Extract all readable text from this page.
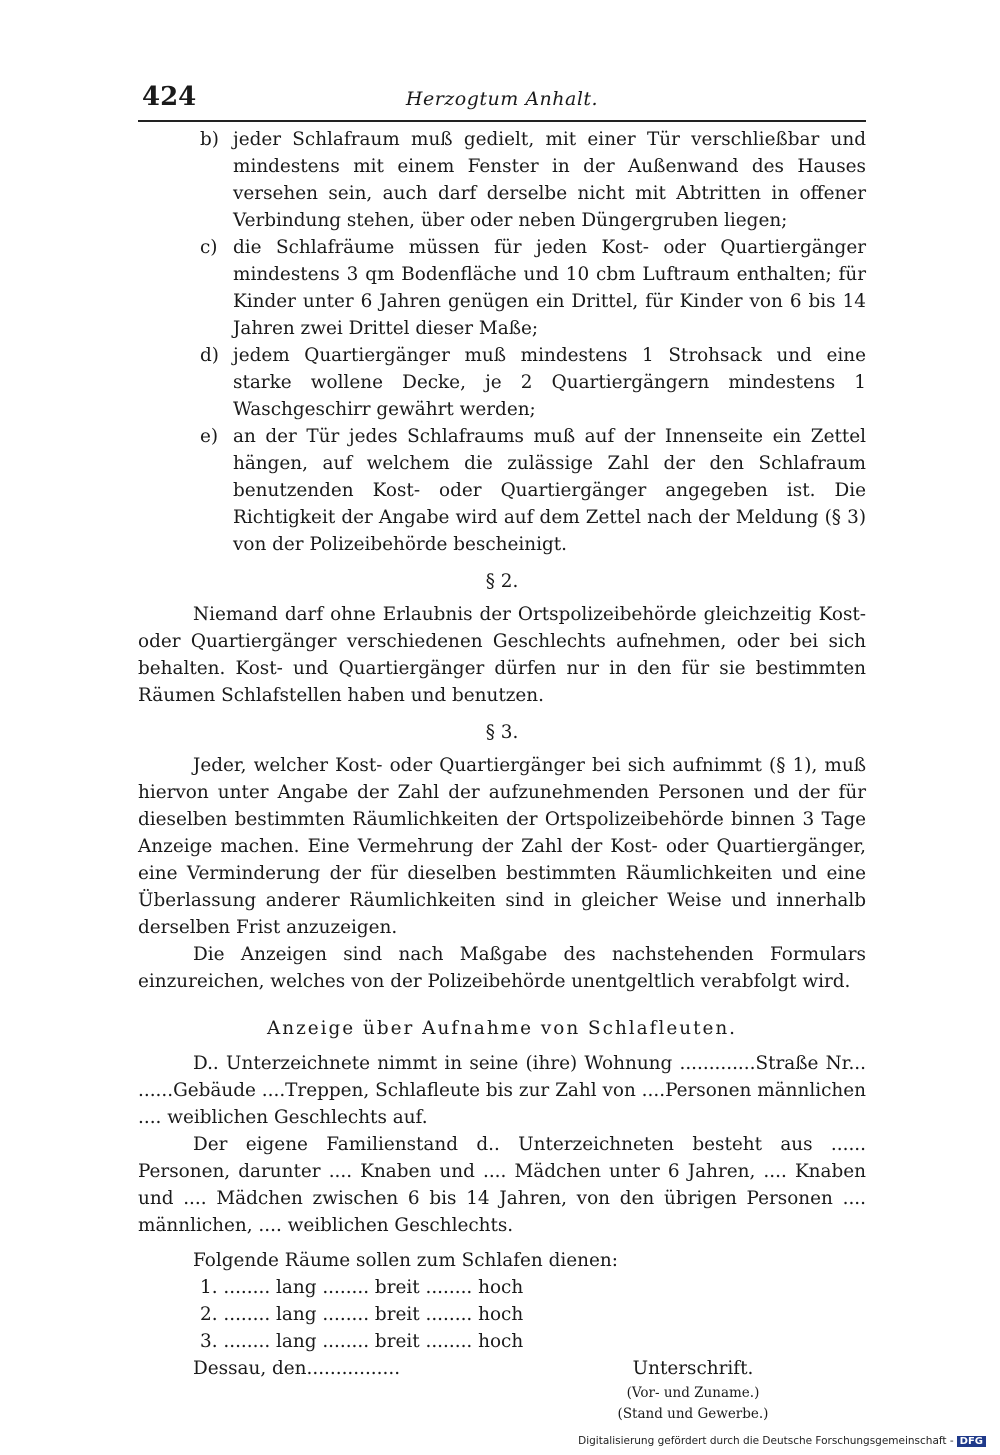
424	Herzogtum Anhalt.
b) jeder Schlafraum muß gedielt, mit einer Tür verschließbar und mindestens mit einem Fenster in der Außenwand des Hauses versehen sein, auch darf derselbe nicht mit Abtritten in offener Verbindung stehen, über oder neben Düngergruben liegen;
c) die Schlafräume müssen für jeden Kost- oder Quartiergänger mindestens 3 qm Bodenfläche und 10 cbm Luftraum enthalten; für Kinder unter 6 Jahren genügen ein Drittel, für Kinder von 6 bis 14 Jahren zwei Drittel dieser Maße;
d) jedem Quartiergänger muß mindestens 1 Strohsack und eine starke wollene Decke, je 2 Quartiergängern mindestens 1 Waschgeschirr gewährt werden;
e) an der Tür jedes Schlafraums muß auf der Innenseite ein Zettel hängen, auf welchem die zulässige Zahl der den Schlafraum benutzenden Kost- oder Quartiergänger angegeben ist. Die Richtigkeit der Angabe wird auf dem Zettel nach der Meldung (§ 3) von der Polizeibehörde bescheinigt.
§ 2.

Niemand darf ohne Erlaubnis der Ortspolizeibehörde gleichzeitig Kost- oder Quartiergänger verschiedenen Geschlechts aufnehmen, oder bei sich behalten. Kost- und Quartiergänger dürfen nur in den für sie bestimmten Räumen Schlafstellen haben und benutzen.

§ 3.

Jeder, welcher Kost- oder Quartiergänger bei sich aufnimmt (§ 1), muß hiervon unter Angabe der Zahl der aufzunehmenden Personen und der für dieselben bestimmten Räumlichkeiten der Ortspolizeibehörde binnen 3 Tage Anzeige machen. Eine Vermehrung der Zahl der Kost- oder Quartiergänger, eine Verminderung der für dieselben bestimmten Räumlichkeiten und eine Überlassung anderer Räumlichkeiten sind in gleicher Weise und innerhalb derselben Frist anzuzeigen.

Die Anzeigen sind nach Maßgabe des nachstehenden Formulars einzureichen, welches von der Polizeibehörde unentgeltlich verabfolgt wird.

Anzeige über Aufnahme von Schlafleuten.

D.. Unterzeichnete nimmt in seine (ihre) Wohnung .............Straße Nr... ......Gebäude ....Treppen, Schlafleute bis zur Zahl von ....Personen männlichen .... weiblichen Geschlechts auf.

Der eigene Familienstand d.. Unterzeichneten besteht aus ...... Personen, darunter .... Knaben und .... Mädchen unter 6 Jahren, .... Knaben und .... Mädchen zwischen 6 bis 14 Jahren, von den übrigen Personen .... männlichen, .... weiblichen Geschlechts.

Folgende Räume sollen zum Schlafen dienen:

1. ........ lang ........ breit ........ hoch

2. ........ lang ........ breit ........ hoch

3. ........ lang ........ breit ........ hoch

Dessau, den................	Unterschrift.
(Vor- und Zuname.)
(Stand und Gewerbe.)
Digitalisierung gefördert durch die Deutsche Forschungsgemeinschaft - DFG
